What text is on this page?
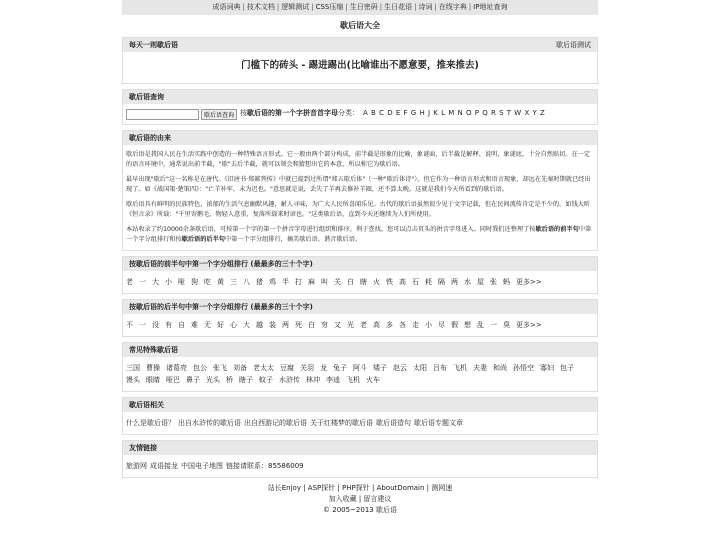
成语词典 | 技术文档 | 逻辑测试 | CSS压缩 | 生日密码 | 生日花语 | 诗词 | 在线字典 | IP地址查询
歇后语大全
每天一则歇后语	歇后语测试
门槛下的砖头 - 踢进踢出(比喻谁出不愿意要，推来推去)
歇后语查询
歇后语查询 按 歇后语的第一个字拼音首字母 分类： A B C D E F G H J K L M N O P Q R S T W X Y Z
歇后语的由来

歇后语是我国人民在生活实践中创造的一种特殊语言形式。它一般由两个部分构成，前半截是形象的比喻，象谜面，后半截是解释、说明，象谜底，十分自然贴切。在一定的语言环境中，通常说出前半截，"歇"去后半截，就可以领会和猜想出它的本意，所以称它为歇后语。

最早出现"歇后"这一名称是在唐代。《旧唐书·郑綮列传》中就已提到过所谓"郑五歇后体"（一种"歇后体诗"）。但它作为一种语言形式和语言现象，却远在先秦时期就已经出现了。如《战国策·楚策四》："亡羊补牢，未为迟也。"意思就是说，丢失了羊再去修补羊圈，还不算太晚。这就是我们今天所看到的歇后语。

歇后语具有鲜明的民族特色，浓郁的生活气息幽默风趣，耐人寻味，为广大人民所喜闻乐见。古代的歇后语虽然很少见于文字记载，但在民间流传肯定是不少的。如钱大昕《恒言录》所载："千里寄鹅毛，物轻人意重，复落所载来时谚也。"这类歇后语，直到今天还继续为人们所使用。

本站收录了约10000余条歇后语，可按第一个字的第一个拼音字母进行组织和排序，利于查找。您可以点击页头的拼音字母进入。同时我们还整理了按歇后语的前半句中第一个字分组排行和按歇后语的后半句中第一个字分组排行，摘美歇后语、谐音歇后语。

按歇后语的前半句中第一个字分组排行 (最最多的三十个字)
老 一 大 小 哑 狗 吃 黄 三 八 猪 鸡 半 打 麻 叫 关 白 瞎 火 铁 高 石 耗 隔 两 水 屋 张 蚂 更多>>
按歇后语的后半句中第一个字分组排行 (最最多的三十个字)
不 一 没 有 自 难 无 好 心 大 越 装 两 死 白 穷 又 光 老 高 多 各 走 小 尽 假 想 乱 一 臭 更多>>
常见特殊歇后语
三国 曹操 诸葛亮 包公 张飞 刘备 老太太 豆腐 关羽 龙 兔子 阿斗 矮子 赵云 太阳 吕布 飞机 夫妻 和尚 孙悟空 寡妇 包子
馒头 眼睛 哑巴 鼻子 光头 桥 瞎子 蚊子 水浒传 林冲 李逵 飞机 火车
歇后语相关
什么是歇后语？ 出自水浒传的歇后语 出自西游记的歇后语 关于红楼梦的歇后语 歇后语造句 歇后语专题文章
友情链接
旅游网 成语接龙 中国电子地图 链接请联系：85586009
站长Enjoy | ASP探针 | PHP探针 | AboutDomain | 测网速
加入收藏 | 留言建议
© 2005~2013 歇后语
